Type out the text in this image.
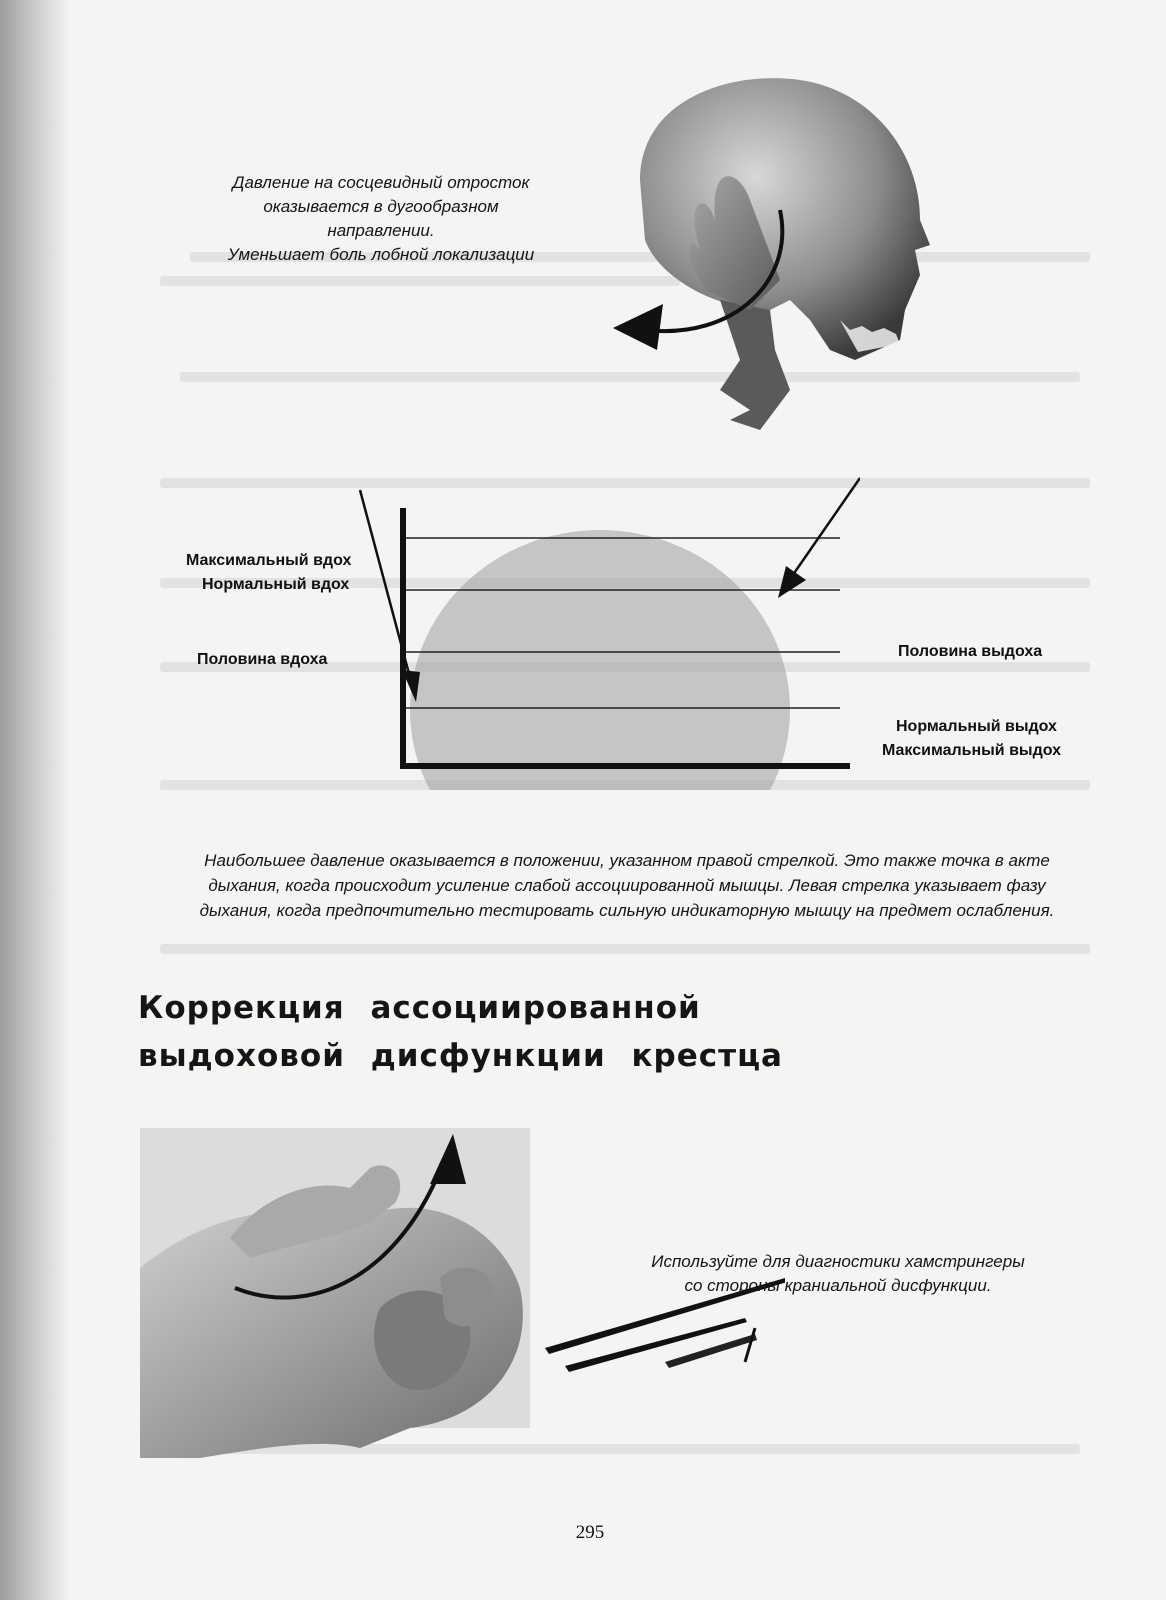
Давление на сосцевидный отросток
оказывается в дугообразном
направлении.
Уменьшает боль лобной локализации
Максимальный вдох
Нормальный вдох
Половина вдоха	Половина выдоха
Нормальный выдох
Максимальный выдох
Наибольшее давление оказывается в положении, указанном правой стрелкой. Это также точка в акте
дыхания, когда происходит усиление слабой ассоциированной мышцы. Левая стрелка указывает фазу
дыхания, когда предпочтительно тестировать сильную индикаторную мышцу на предмет ослабления.
Коррекция ассоциированной
выдоховой дисфункции крестца
Используйте для диагностики хамстрингеры
со стороны краниальной дисфункции.
295
